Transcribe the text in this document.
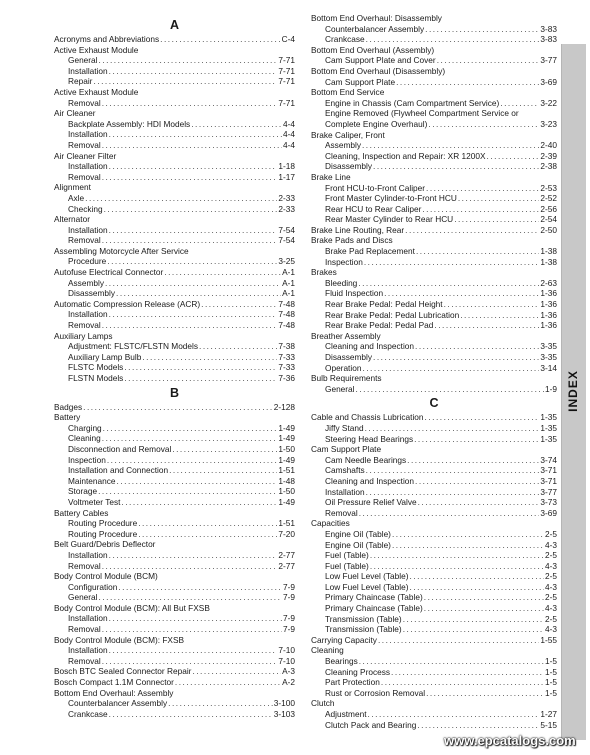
A
Acronyms and Abbreviations . . .	C-4
Active Exhaust Module
General . . .	7-71
Installation . . .	7-71
Repair . . .	7-71
Active Exhaust Module
Removal . . .	7-71
Air Cleaner
Backplate Assembly: HDI Models . . .	4-4
Installation . . .	4-4
Removal . . .	4-4
Air Cleaner Filter
Installation . . .	1-18
Removal . . .	1-17
Alignment
Axle . . .	2-33
Checking . . .	2-33
Alternator
Installation . . .	7-54
Removal . . .	7-54
Assembling Motorcycle After Service
Procedure . . .	3-25
Autofuse Electrical Connector . . .	A-1
Assembly . . .	A-1
Disassembly . . .	A-1
Automatic Compression Release (ACR) . . .	7-48
Installation . . .	7-48
Removal . . .	7-48
Auxiliary Lamps
Adjustment: FLSTC/FLSTN Models . . .	7-38
Auxiliary Lamp Bulb . . .	7-33
FLSTC Models . . .	7-33
FLSTN Models . . .	7-36
B
Badges . . .	2-128
Battery
Charging . . .	1-49
Cleaning . . .	1-49
Disconnection and Removal . . .	1-50
Inspection . . .	1-49
Installation and Connection . . .	1-51
Maintenance . . .	1-48
Storage . . .	1-50
Voltmeter Test . . .	1-49
Battery Cables
Routing Procedure . . .	1-51
Routing Procedure . . .	7-20
Belt Guard/Debris Deflector
Installation . . .	2-77
Removal . . .	2-77
Body Control Module (BCM)
Configuration . . .	7-9
General . . .	7-9
Body Control Module (BCM): All But FXSB
Installation . . .	7-9
Removal . . .	7-9
Body Control Module (BCM): FXSB
Installation . . .	7-10
Removal . . .	7-10
Bosch BTC Sealed Connector Repair . . .	A-3
Bosch Compact 1.1M Connector . . .	A-2
Bottom End Overhaul: Assembly
Counterbalancer Assembly . . .	3-100
Crankcase . . .	3-103
Bottom End Overhaul: Disassembly
Counterbalancer Assembly . . .	3-83
Crankcase . . .	3-83
Bottom End Overhaul (Assembly)
Cam Support Plate and Cover . . .	3-77
Bottom End Overhaul (Disassembly)
Cam Support Plate . . .	3-69
Bottom End Service
Engine in Chassis (Cam Compartment Service) . . .	3-22
Engine Removed (Flywheel Compartment Service or
Complete Engine Overhaul) . . .	3-23
Brake Caliper, Front
Assembly . . .	2-40
Cleaning, Inspection and Repair: XR 1200X . . .	2-39
Disassembly . . .	2-38
Brake Line
Front HCU-to-Front Caliper . . .	2-53
Front Master Cylinder-to-Front HCU . . .	2-52
Rear HCU to Rear Caliper . . .	2-56
Rear Master Cylinder to Rear HCU . . .	2-54
Brake Line Routing, Rear . . .	2-50
Brake Pads and Discs
Brake Pad Replacement . . .	1-38
Inspection . . .	1-38
Brakes
Bleeding . . .	2-63
Fluid Inspection . . .	1-36
Rear Brake Pedal: Pedal Height . . .	1-36
Rear Brake Pedal: Pedal Lubrication . . .	1-36
Rear Brake Pedal: Pedal Pad . . .	1-36
Breather Assembly
Cleaning and Inspection . . .	3-35
Disassembly . . .	3-35
Operation . . .	3-14
Bulb Requirements
General . . .	1-9
C
Cable and Chassis Lubrication . . .	1-35
Jiffy Stand . . .	1-35
Steering Head Bearings . . .	1-35
Cam Support Plate
Cam Needle Bearings . . .	3-74
Camshafts . . .	3-71
Cleaning and Inspection . . .	3-71
Installation . . .	3-77
Oil Pressure Relief Valve . . .	3-73
Removal . . .	3-69
Capacities
Engine Oil (Table) . . .	2-5
Engine Oil (Table) . . .	4-3
Fuel (Table) . . .	2-5
Fuel (Table) . . .	4-3
Low Fuel Level (Table) . . .	2-5
Low Fuel Level (Table) . . .	4-3
Primary Chaincase (Table) . . .	2-5
Primary Chaincase (Table) . . .	4-3
Transmission (Table) . . .	2-5
Transmission (Table) . . .	4-3
Carrying Capacity . . .	1-55
Cleaning
Bearings . . .	1-5
Cleaning Process . . .	1-5
Part Protection . . .	1-5
Rust or Corrosion Removal . . .	1-5
Clutch
Adjustment . . .	1-27
Clutch Pack and Bearing . . .	5-15
INDEX
www.epcatalogs.com
